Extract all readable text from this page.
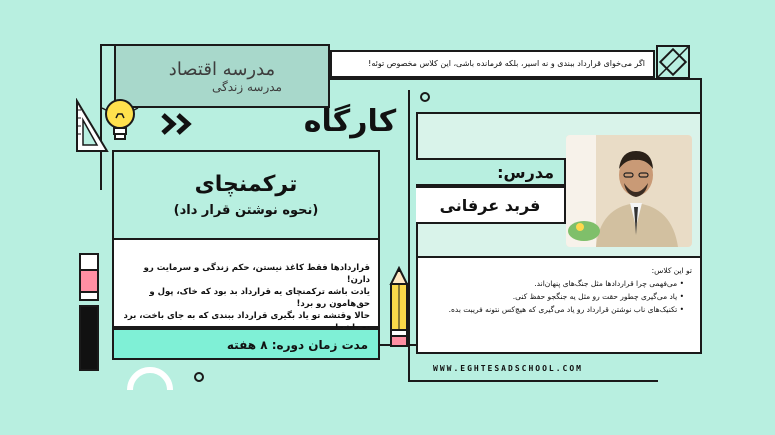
مدرسه اقتصاد
مدرسه زندگی
اگر می‌خوای قرارداد ببندی و نه اسیر، بلکه فرمانده باشی، این کلاس مخصوص توئه!
کارگاه
ترکمنچای
(نحوه نوشتن قرار داد)
قراردادها فقط کاغذ نیستن، حکم زندگی و سرمایت رو دارن!
یادت باشه ترکمنچای یه قرارداد بد بود که خاک، پول و حق‌هامون رو برد!
حالا وقتشه تو یاد بگیری قرارداد ببندی که به جای باخت، برد
مدت زمان دوره: ۸ هفته
مدرس:
فربد عرفانی
تو این کلاس:
• می‌فهمی چرا قراردادها مثل جنگ‌های پنهان‌اند.
• یاد می‌گیری چطور حقت رو مثل یه جنگجو حفظ کنی.
• تکنیک‌های ناب نوشتن قرارداد رو یاد می‌گیری که هیچ‌کس نتونه فریبت بده.
WWW.EGHTESADSCHOOL.COM
